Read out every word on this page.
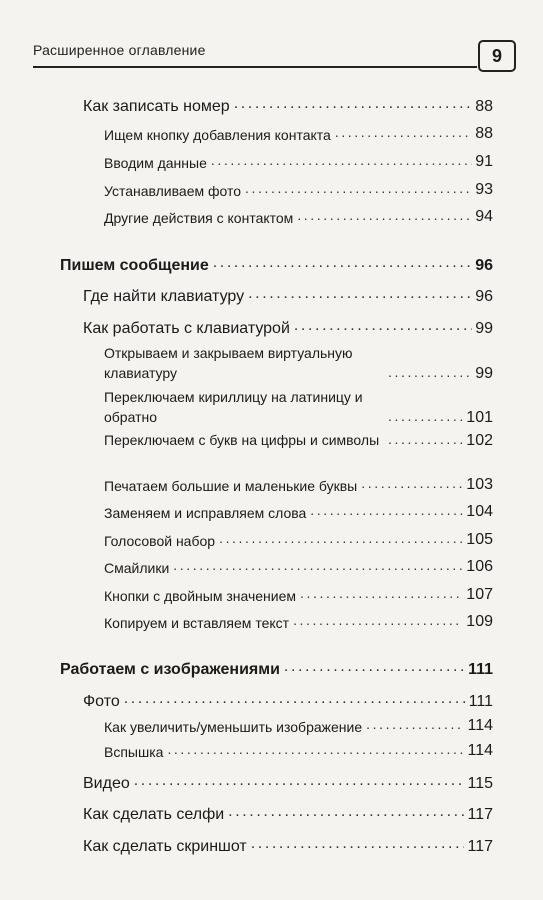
Расширенное оглавление	9
Как записать номер .....	88
Ищем кнопку добавления контакта .....	88
Вводим данные .....	91
Устанавливаем фото .....	93
Другие действия с контактом .....	94
Пишем сообщение .....	96
Где найти клавиатуру .....	96
Как работать с клавиатурой .....	99
Открываем и закрываем виртуальную клавиатуру .....	99
Переключаем кириллицу на латиницу и обратно .....	101
Переключаем с букв на цифры и символы .....	102
Печатаем большие и маленькие буквы .....	103
Заменяем и исправляем слова .....	104
Голосовой набор .....	105
Смайлики .....	106
Кнопки с двойным значением .....	107
Копируем и вставляем текст .....	109
Работаем с изображениями .....	111
Фото .....	111
Как увеличить/уменьшить изображение .....	114
Вспышка .....	114
Видео .....	115
Как сделать селфи .....	117
Как сделать скриншот .....	117
